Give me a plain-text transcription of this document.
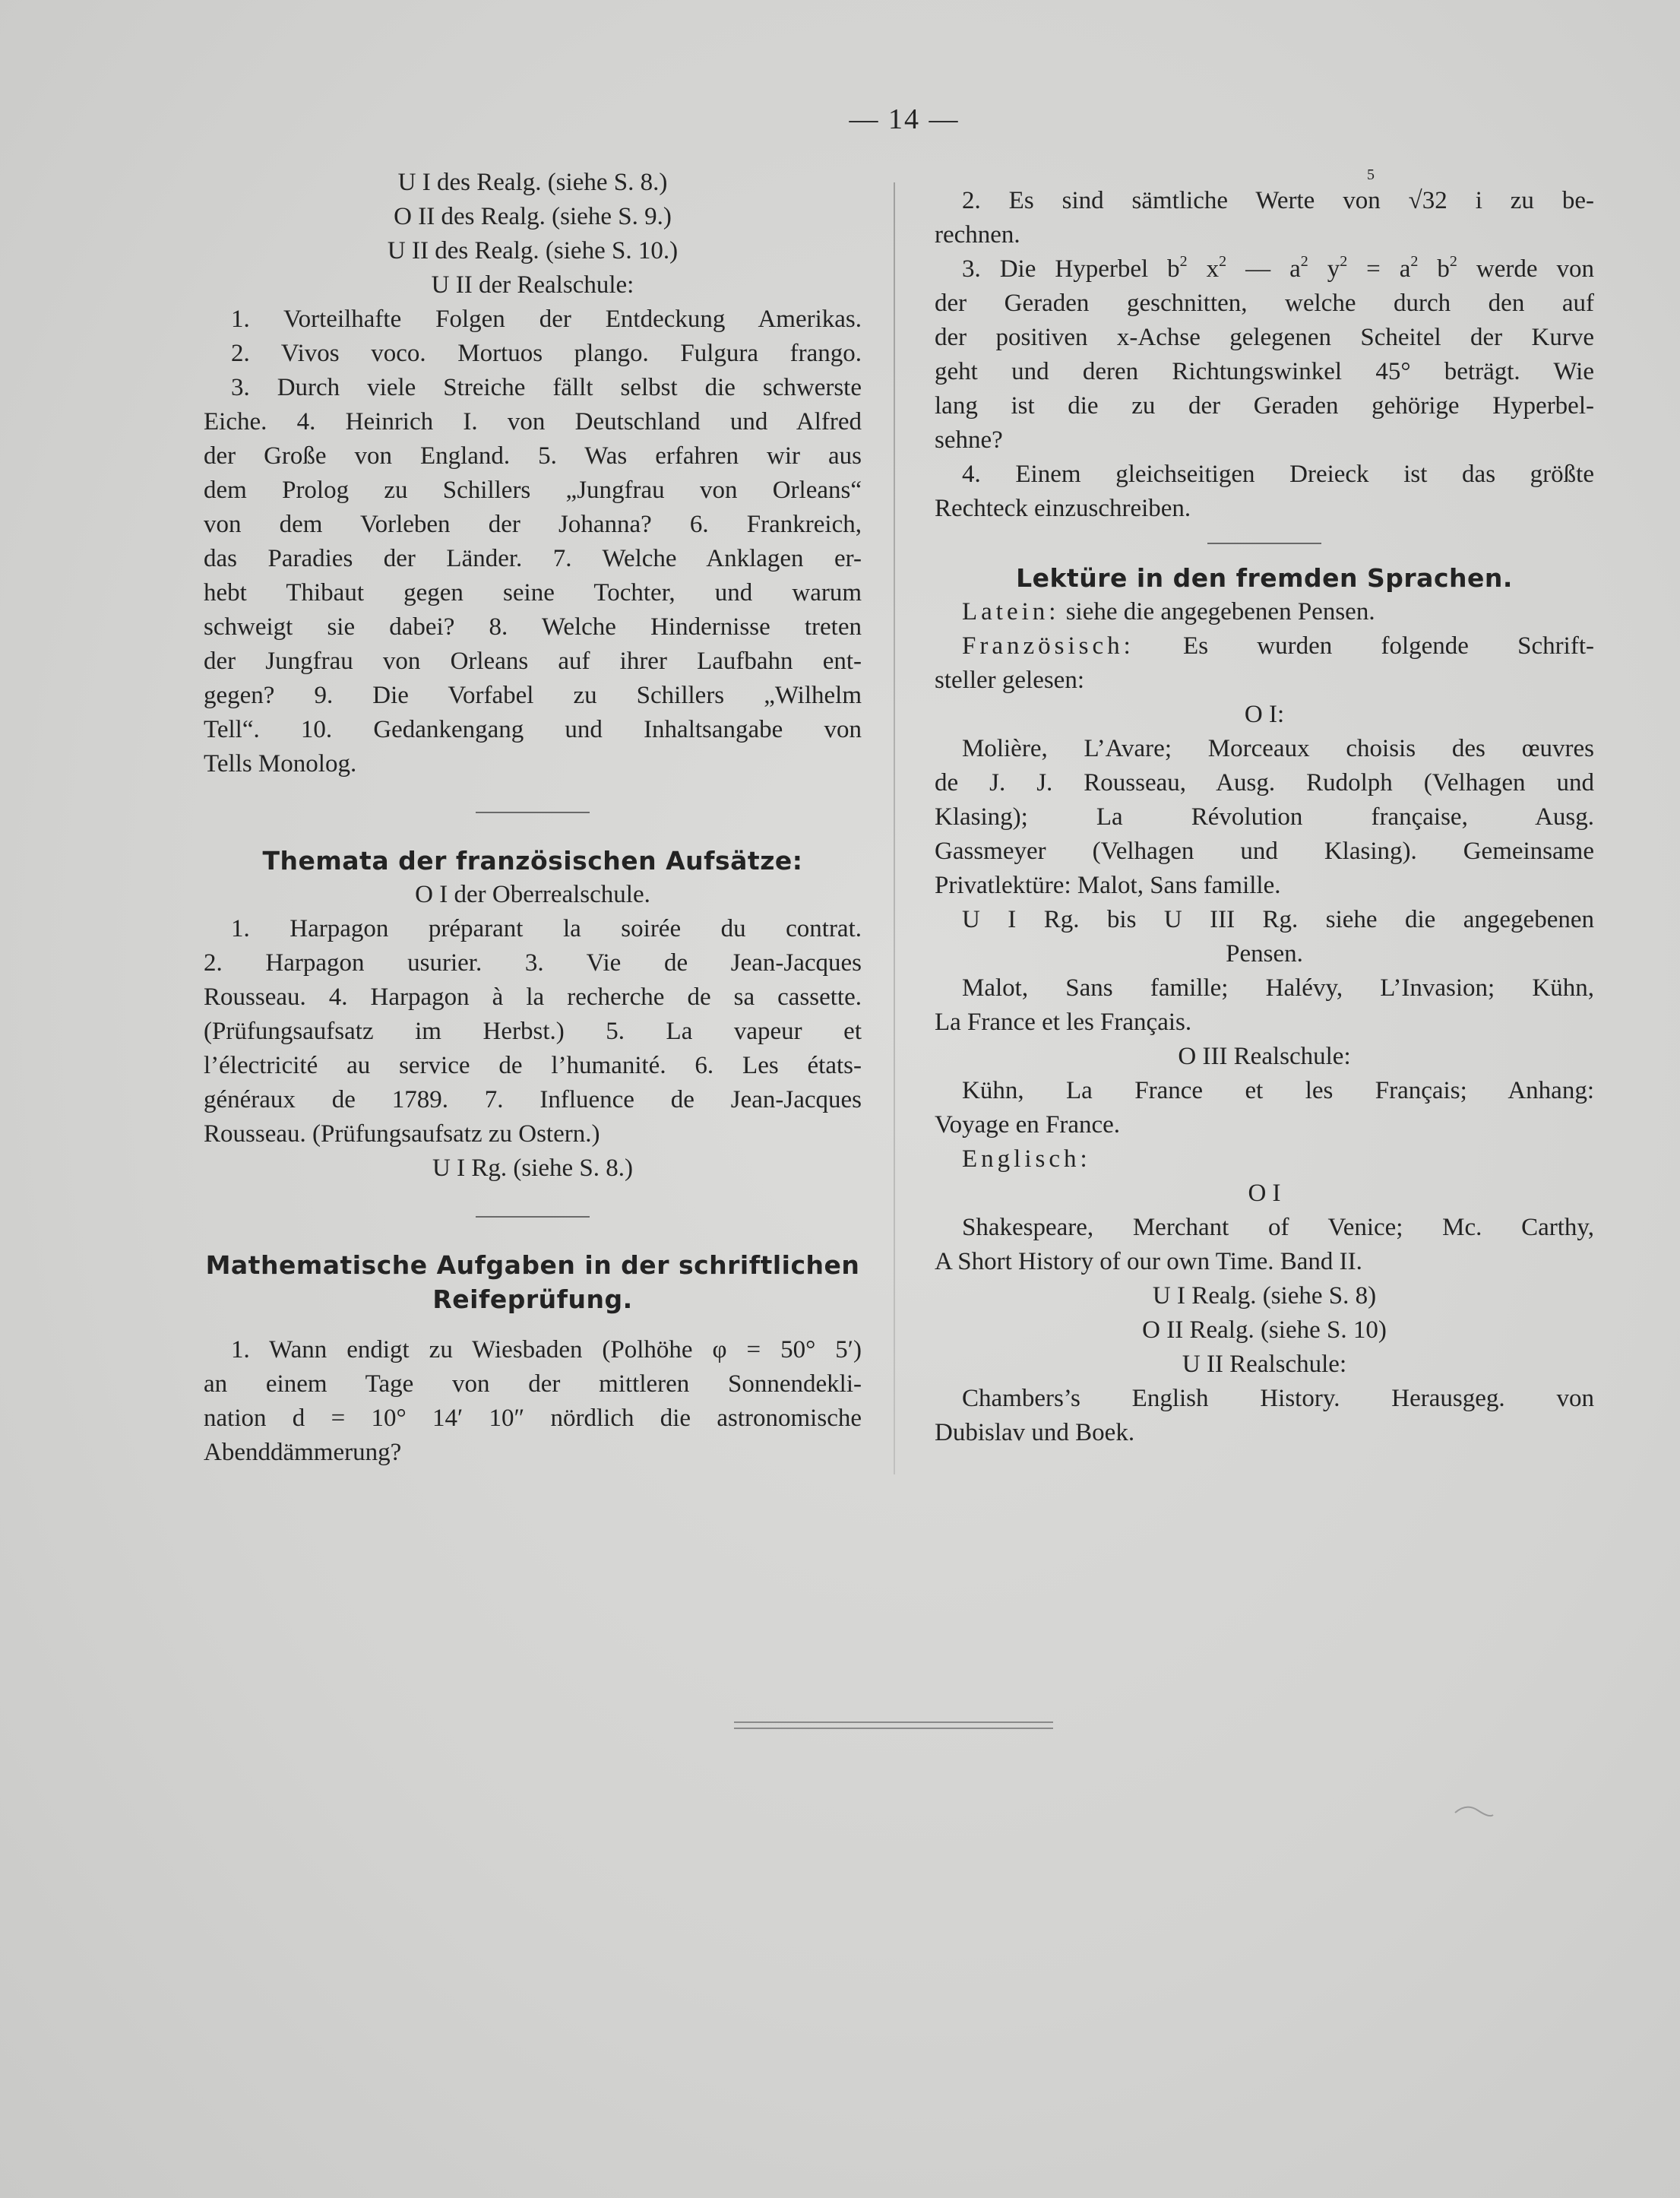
— 14 —
U I des Realg. (siehe S. 8.)
O II des Realg. (siehe S. 9.)
U II des Realg. (siehe S. 10.)
U II der Realschule:
1. Vorteilhafte Folgen der Entdeckung Amerikas.
2. Vivos voco. Mortuos plango. Fulgura frango.
3. Durch viele Streiche fällt selbst die schwerste
Eiche. 4. Heinrich I. von Deutschland und Alfred
der Große von England. 5. Was erfahren wir aus
dem Prolog zu Schillers „Jungfrau von Orleans“
von dem Vorleben der Johanna? 6. Frankreich,
das Paradies der Länder. 7. Welche Anklagen er-
hebt Thibaut gegen seine Tochter, und warum
schweigt sie dabei? 8. Welche Hindernisse treten
der Jungfrau von Orleans auf ihrer Laufbahn ent-
gegen? 9. Die Vorfabel zu Schillers „Wilhelm
Tell“. 10. Gedankengang und Inhaltsangabe von
Tells Monolog.
Themata der französischen Aufsätze:
O I der Oberrealschule.
1. Harpagon préparant la soirée du contrat.
2. Harpagon usurier. 3. Vie de Jean-Jacques
Rousseau. 4. Harpagon à la recherche de sa cassette.
(Prüfungsaufsatz im Herbst.) 5. La vapeur et
l’électricité au service de l’humanité. 6. Les états-
généraux de 1789. 7. Influence de Jean-Jacques
Rousseau. (Prüfungsaufsatz zu Ostern.)
U I Rg. (siehe S. 8.)
Mathematische Aufgaben in der schriftlichen
Reifeprüfung.
1. Wann endigt zu Wiesbaden (Polhöhe φ = 50° 5′)
an einem Tage von der mittleren Sonnendekli-
nation d = 10° 14′ 10″ nördlich die astronomische
Abenddämmerung?
5
2. Es sind sämtliche Werte von √32 i zu be-
rechnen.
3. Die Hyperbel $b^2$ $x^2$ — $a^2$ $y^2 = a^2$ $b^2$ werde von
der Geraden geschnitten, welche durch den auf
der positiven x-Achse gelegenen Scheitel der Kurve
geht und deren Richtungswinkel 45° beträgt. Wie
lang ist die zu der Geraden gehörige Hyperbel-
sehne?
4. Einem gleichseitigen Dreieck ist das größte
Rechteck einzuschreiben.
Lektüre in den fremden Sprachen.
Latein: siehe die angegebenen Pensen.
Französisch: Es wurden folgende Schrift-
steller gelesen:
O I:
Molière, L’Avare; Morceaux choisis des œuvres
de J. J. Rousseau, Ausg. Rudolph (Velhagen und
Klasing); La Révolution française, Ausg.
Gassmeyer (Velhagen und Klasing). Gemeinsame
Privatlektüre: Malot, Sans famille.
U I Rg. bis U III Rg. siehe die angegebenen
Pensen.
Malot, Sans famille; Halévy, L’Invasion; Kühn,
La France et les Français.
O III Realschule:
Kühn, La France et les Français; Anhang:
Voyage en France.
Englisch:
O I
Shakespeare, Merchant of Venice; Mc. Carthy,
A Short History of our own Time. Band II.
U I Realg. (siehe S. 8)
O II Realg. (siehe S. 10)
U II Realschule:
Chambers’s English History. Herausgeg. von
Dubislav und Boek.
